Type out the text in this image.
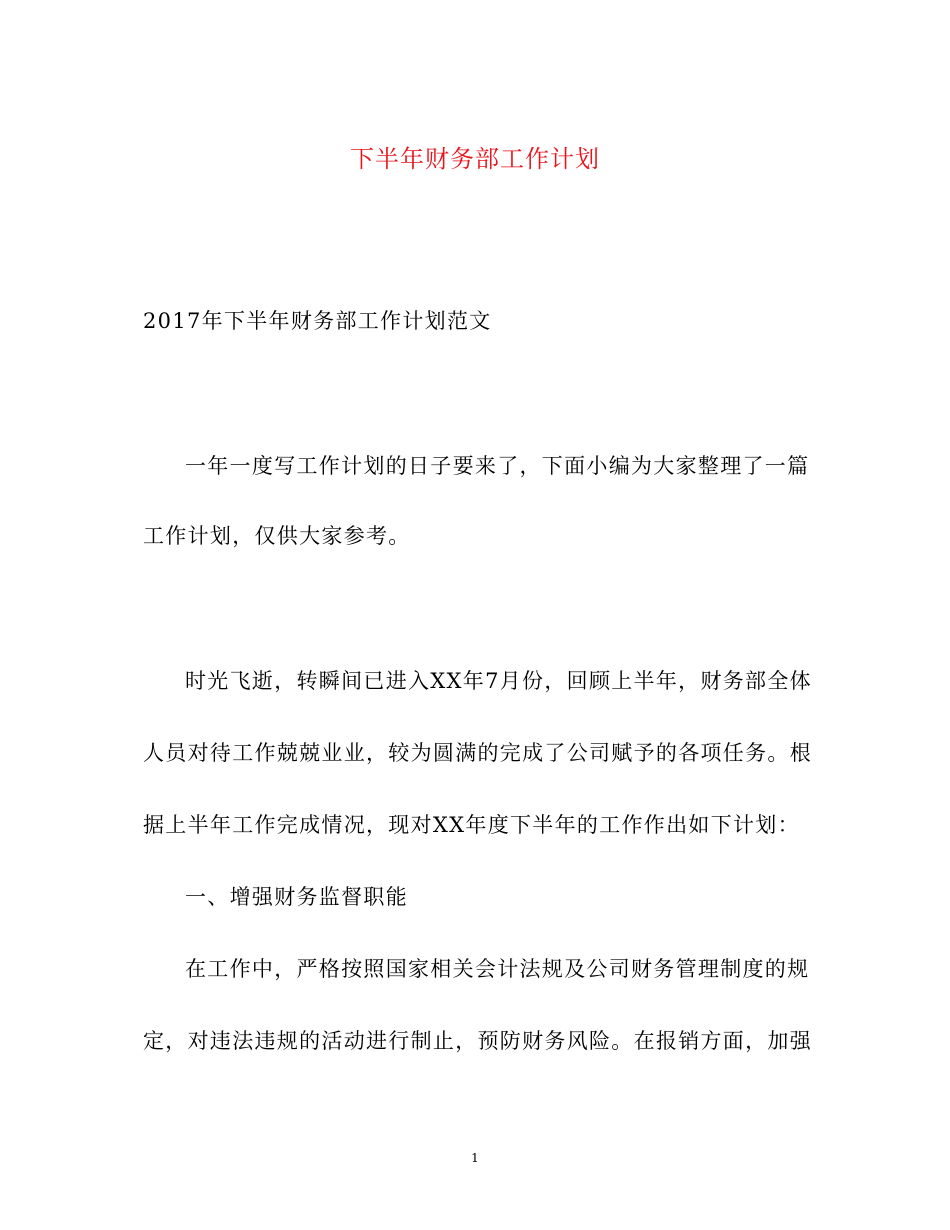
下半年财务部工作计划
2017年下半年财务部工作计划范文
一年一度写工作计划的日子要来了，下面小编为大家整理了一篇
工作计划，仅供大家参考。
时光飞逝，转瞬间已进入XX年7月份，回顾上半年，财务部全体
人员对待工作兢兢业业，较为圆满的完成了公司赋予的各项任务。根
据上半年工作完成情况，现对XX年度下半年的工作作出如下计划：
一、增强财务监督职能
在工作中，严格按照国家相关会计法规及公司财务管理制度的规
定，对违法违规的活动进行制止，预防财务风险。在报销方面，加强
1
